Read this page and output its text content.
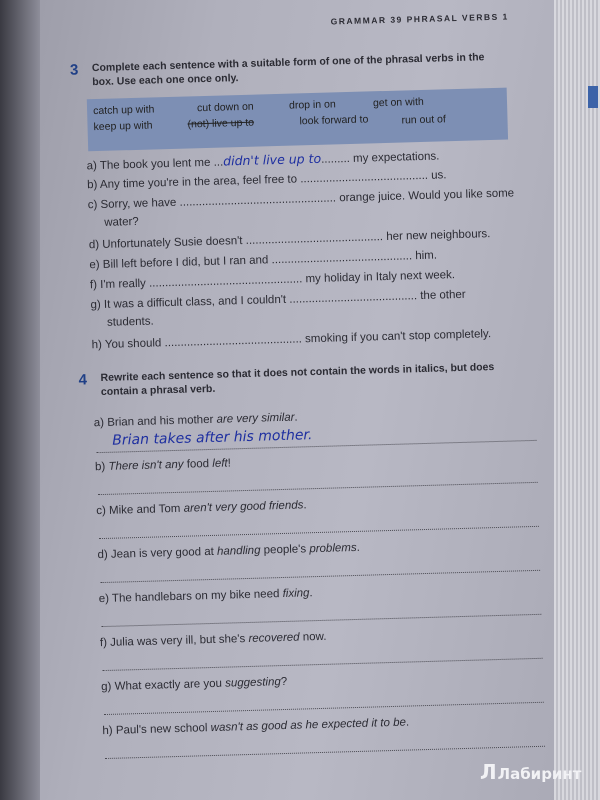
GRAMMAR 39 PHRASAL VERBS 1
3 Complete each sentence with a suitable form of one of the phrasal verbs in the
box. Use each one once only.
catch up with
keep up with
cut down on
(not) live up to
drop in on
look forward to
get on with
run out of
a) The book you lent me ...didn't live up to......... my expectations.
b) Any time you're in the area, feel free to ........................................ us.
c) Sorry, we have ................................................. orange juice. Would you like some
water?
d) Unfortunately Susie doesn't ........................................... her new neighbours.
e) Bill left before I did, but I ran and ............................................ him.
f) I'm really ................................................ my holiday in Italy next week.
g) It was a difficult class, and I couldn't ........................................ the other
students.
h) You should ........................................... smoking if you can't stop completely.
4 Rewrite each sentence so that it does not contain the words in italics, but does
contain a phrasal verb.
a) Brian and his mother are very similar.
Brian takes after his mother.
b) There isn't any food left!
c) Mike and Tom aren't very good friends.
d) Jean is very good at handling people's problems.
e) The handlebars on my bike need fixing.
f) Julia was very ill, but she's recovered now.
g) What exactly are you suggesting?
h) Paul's new school wasn't as good as he expected it to be.
ЛЛабиринт
